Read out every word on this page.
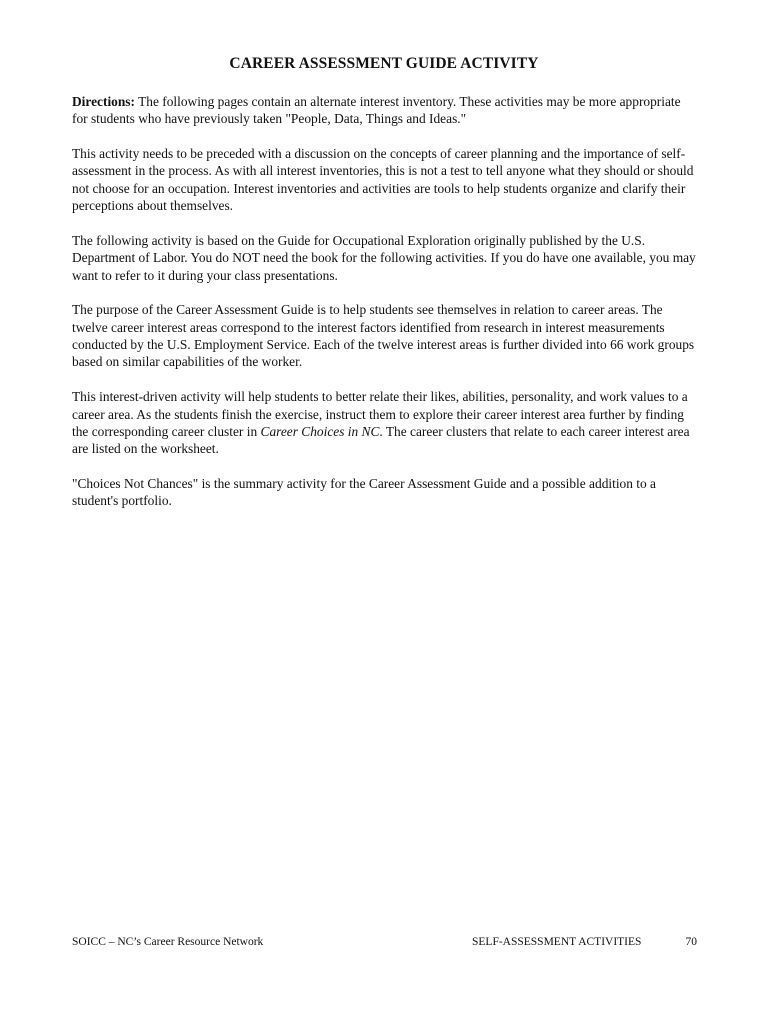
CAREER ASSESSMENT GUIDE ACTIVITY

Directions: The following pages contain an alternate interest inventory. These activities may be more appropriate for students who have previously taken "People, Data, Things and Ideas."

This activity needs to be preceded with a discussion on the concepts of career planning and the importance of self-assessment in the process. As with all interest inventories, this is not a test to tell anyone what they should or should not choose for an occupation. Interest inventories and activities are tools to help students organize and clarify their perceptions about themselves.

The following activity is based on the Guide for Occupational Exploration originally published by the U.S. Department of Labor. You do NOT need the book for the following activities. If you do have one available, you may want to refer to it during your class presentations.

The purpose of the Career Assessment Guide is to help students see themselves in relation to career areas. The twelve career interest areas correspond to the interest factors identified from research in interest measurements conducted by the U.S. Employment Service. Each of the twelve interest areas is further divided into 66 work groups based on similar capabilities of the worker.

This interest-driven activity will help students to better relate their likes, abilities, personality, and work values to a career area. As the students finish the exercise, instruct them to explore their career interest area further by finding the corresponding career cluster in Career Choices in NC. The career clusters that relate to each career interest area are listed on the worksheet.

"Choices Not Chances" is the summary activity for the Career Assessment Guide and a possible addition to a student's portfolio.

SOICC – NC’s Career Resource Network	SELF-ASSESSMENT ACTIVITIES	70
